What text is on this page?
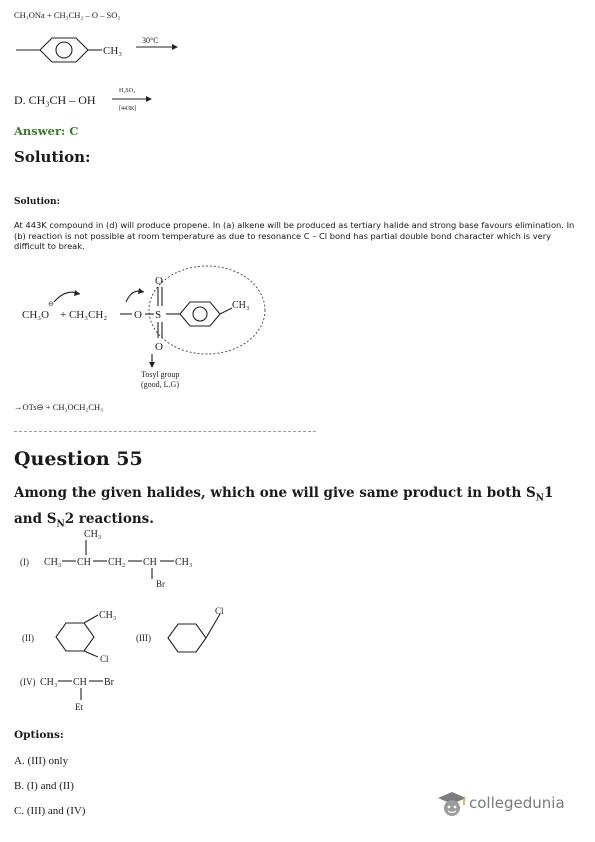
CH₃ONa + CH₃CH₂ – O – SO₂
CH₃
30°C
D. CH₃CH – OH
H₂SO₄
[443K]
Answer: C
Solution:
Solution:
At 443K compound in (d) will produce propene. In (a) alkene will be produced as tertiary halide and strong base favours elimination. In (b) reaction is not possible at room temperature as due to resonance C – Cl bond has partial double bond character which is very difficult to break.
CH₃O
⊖
+ CH₃CH₂ O S
O
O
CH₃
Tosyl group
(good, L.G)
→OTs⊖ + CH₃OCH₂CH₃
Question 55
Among the given halides, which one will give same product in both $S_N1$
and $S_N2$ reactions.
(I) CH₃ CH
CH₃
CH₂ CH
Br
CH₃
(II)
CH₃
Cl
(III)
Cl
(IV) CH₃ CH Br
Et
Options:
A. (III) only
B. (I) and (II)
C. (III) and (IV)	collegedunia
